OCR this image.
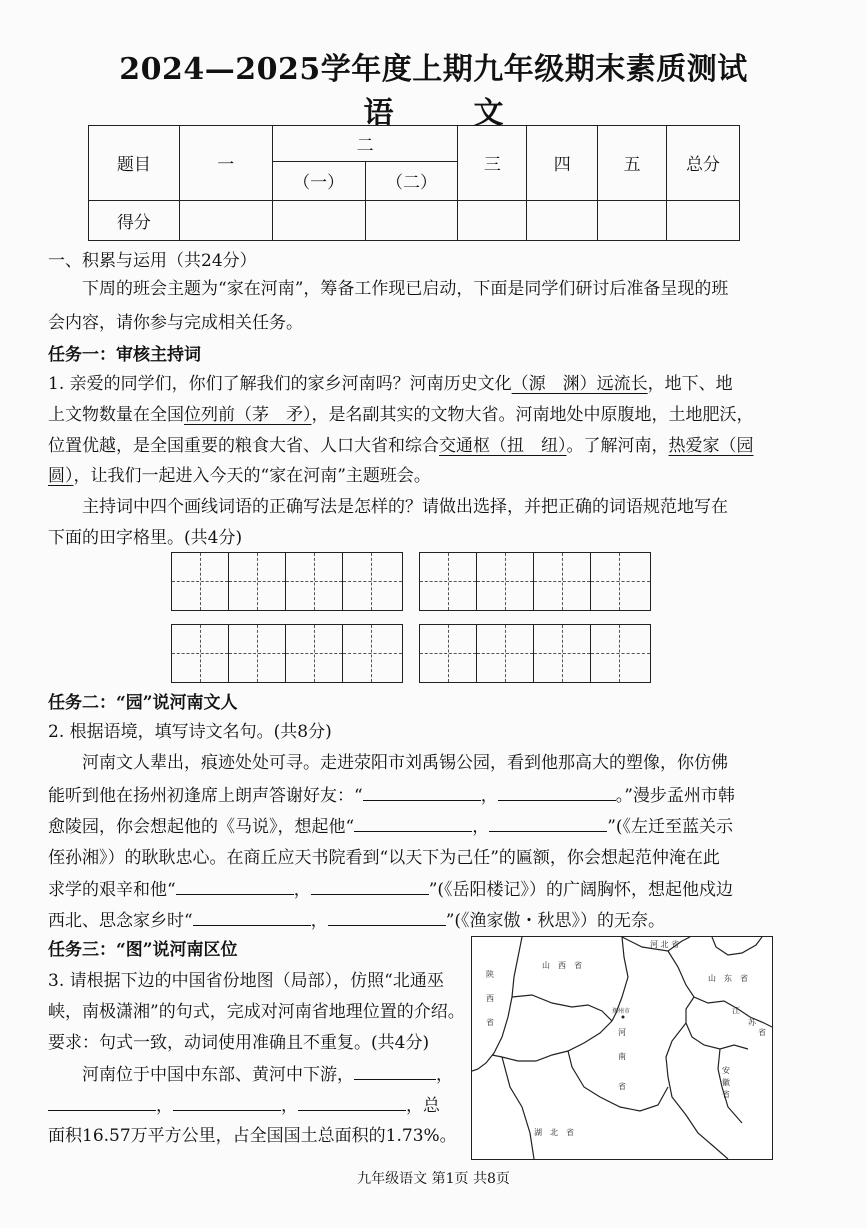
2024—2025学年度上期九年级期末素质测试
语	文
题目	一	二		三	四	五	总分
		（一）	（二）				
得分							
一、积累与运用（共24分）
下周的班会主题为“家在河南”，筹备工作现已启动，下面是同学们研讨后准备呈现的班
会内容，请你参与完成相关任务。
任务一：审核主持词
1. 亲爱的同学们，你们了解我们的家乡河南吗？河南历史文化（源　渊）远流长，地下、地
上文物数量在全国位列前（茅　矛），是名副其实的文物大省。河南地处中原腹地，土地肥沃，
位置优越，是全国重要的粮食大省、人口大省和综合交通枢（扭　纽）。了解河南，热爱家（园
圆），让我们一起进入今天的“家在河南”主题班会。
主持词中四个画线词语的正确写法是怎样的？请做出选择，并把正确的词语规范地写在
下面的田字格里。(共4分)
任务二：“园”说河南文人
2. 根据语境，填写诗文名句。(共8分)
河南文人辈出，痕迹处处可寻。走进荥阳市刘禹锡公园，看到他那高大的塑像，你仿佛
能听到他在扬州初逢席上朗声答谢好友：“	，	。”漫步孟州市韩
愈陵园，你会想起他的《马说》，想起他“	，	”(《左迁至蓝关示
侄孙湘》）的耿耿忠心。在商丘应天书院看到“以天下为己任”的匾额，你会想起范仲淹在此
求学的艰辛和他“	，	”(《岳阳楼记》）的广阔胸怀，想起他戍边
西北、思念家乡时“	，	”(《渔家傲・秋思》）的无奈。
任务三：“图”说河南区位
3. 请根据下边的中国省份地图（局部），仿照“北通巫
峡，南极潇湘”的句式，完成对河南省地理位置的介绍。
要求：句式一致，动词使用准确且不重复。(共4分)
河南位于中国中东部、黄河中下游，	，
，	，	，总
面积16.57万平方公里，占全国国土总面积的1.73%。
河 北 省
山　西　省
陕
西
省
山　东　省
郑州市
河
南
省
江
苏
省
安
徽
省
湖　北　省
九年级语文 第1页 共8页
